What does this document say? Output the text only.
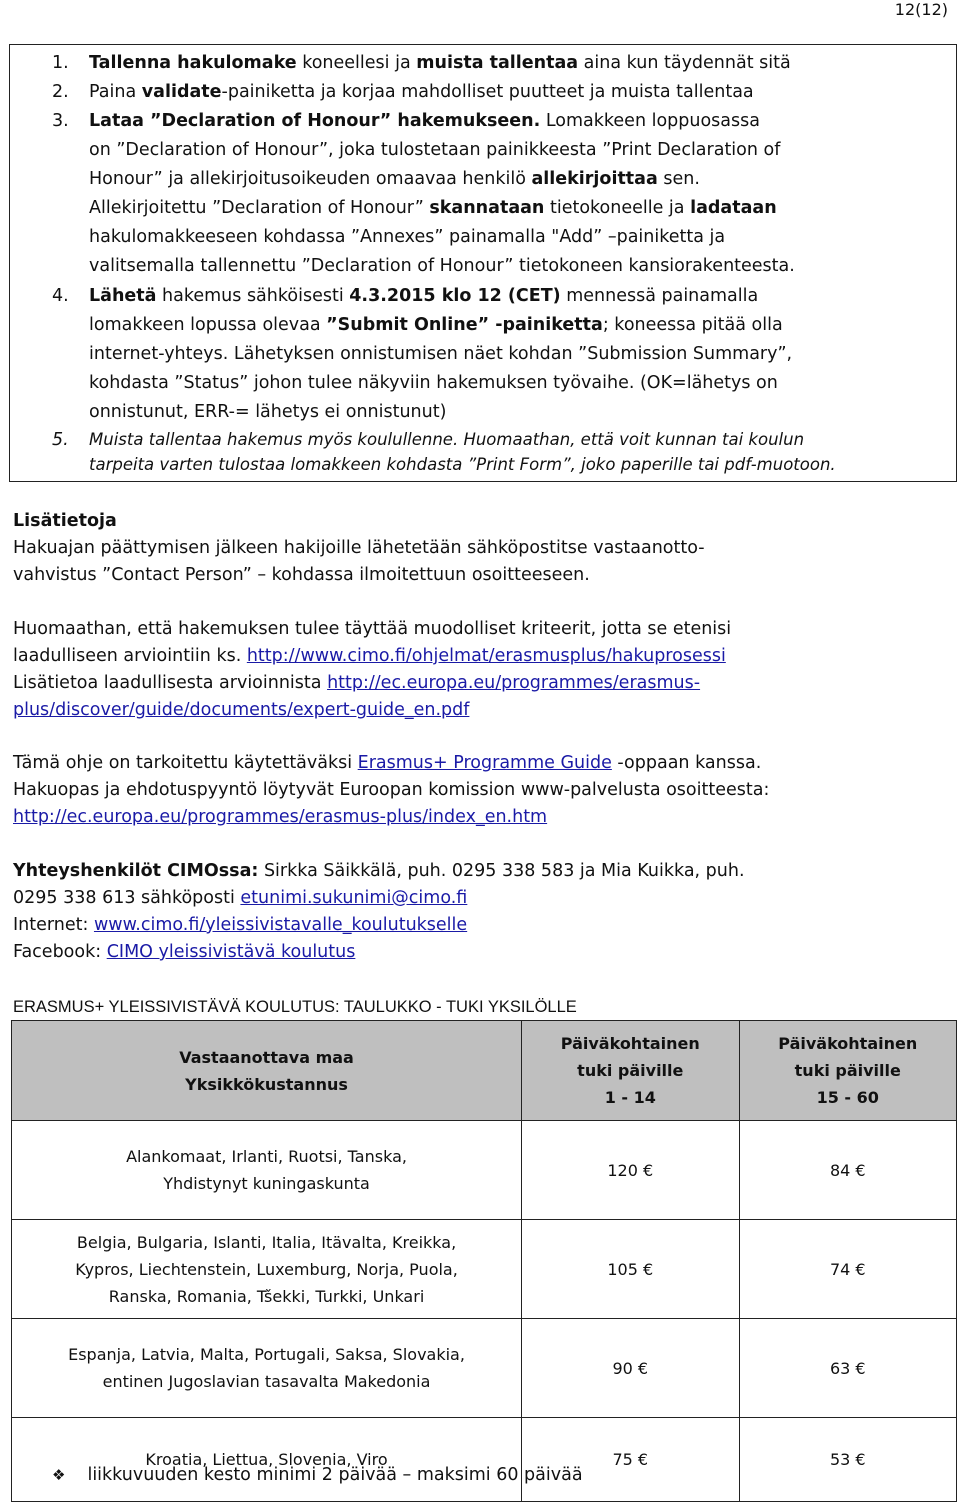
12(12)
1. Tallenna hakulomake koneellesi ja muista tallentaa aina kun täydennät sitä
2. Paina validate-painiketta ja korjaa mahdolliset puutteet ja muista tallentaa
3. Lataa ”Declaration of Honour” hakemukseen. Lomakkeen loppuosassa
on ”Declaration of Honour”, joka tulostetaan painikkeesta ”Print Declaration of
Honour” ja allekirjoitusoikeuden omaavaa henkilö allekirjoittaa sen.
Allekirjoitettu ”Declaration of Honour” skannataan tietokoneelle ja ladataan
hakulomakkeeseen kohdassa ”Annexes” painamalla "Add” –painiketta ja
valitsemalla tallennettu ”Declaration of Honour” tietokoneen kansiorakenteesta.
4. Lähetä hakemus sähköisesti 4.3.2015 klo 12 (CET) mennessä painamalla
lomakkeen lopussa olevaa ”Submit Online” -painiketta; koneessa pitää olla
internet-yhteys. Lähetyksen onnistumisen näet kohdan ”Submission Summary”,
kohdasta ”Status” johon tulee näkyviin hakemuksen työvaihe. (OK=lähetys on
onnistunut, ERR-= lähetys ei onnistunut)
5. Muista tallentaa hakemus myös koulullenne. Huomaathan, että voit kunnan tai koulun
tarpeita varten tulostaa lomakkeen kohdasta ”Print Form”, joko paperille tai pdf-muotoon.
Lisätietoja
Hakuajan päättymisen jälkeen hakijoille lähetetään sähköpostitse vastaanotto-
vahvistus ”Contact Person” – kohdassa ilmoitettuun osoitteeseen.
Huomaathan, että hakemuksen tulee täyttää muodolliset kriteerit, jotta se etenisi
laadulliseen arviointiin ks. http://www.cimo.fi/ohjelmat/erasmusplus/hakuprosessi
Lisätietoa laadullisesta arvioinnista http://ec.europa.eu/programmes/erasmus-
plus/discover/guide/documents/expert-guide_en.pdf
Tämä ohje on tarkoitettu käytettäväksi Erasmus+ Programme Guide -oppaan kanssa.
Hakuopas ja ehdotuspyyntö löytyvät Euroopan komission www-palvelusta osoitteesta:
http://ec.europa.eu/programmes/erasmus-plus/index_en.htm
Yhteyshenkilöt CIMOssa: Sirkka Säikkälä, puh. 0295 338 583 ja Mia Kuikka, puh.
0295 338 613 sähköposti etunimi.sukunimi@cimo.fi
Internet: www.cimo.fi/yleissivistavalle_koulutukselle
Facebook: CIMO yleissivistävä koulutus
ERASMUS+ YLEISSIVISTÄVÄ KOULUTUS: TAULUKKO - TUKI YKSILÖLLE
Vastaanottava maa
Yksikkökustannus	Päiväkohtainen
tuki päiville
1 - 14	Päiväkohtainen
tuki päiville
15 - 60
Alankomaat, Irlanti, Ruotsi, Tanska,
Yhdistynyt kuningaskunta	120 €	84 €
Belgia, Bulgaria, Islanti, Italia, Itävalta, Kreikka,
Kypros, Liechtenstein, Luxemburg, Norja, Puola,
Ranska, Romania, Tšekki, Turkki, Unkari	105 €	74 €
Espanja, Latvia, Malta, Portugali, Saksa, Slovakia,
entinen Jugoslavian tasavalta Makedonia	90 €	63 €
Kroatia, Liettua, Slovenia, Viro	75 €	53 €
❖ liikkuvuuden kesto minimi 2 päivää – maksimi 60 päivää
